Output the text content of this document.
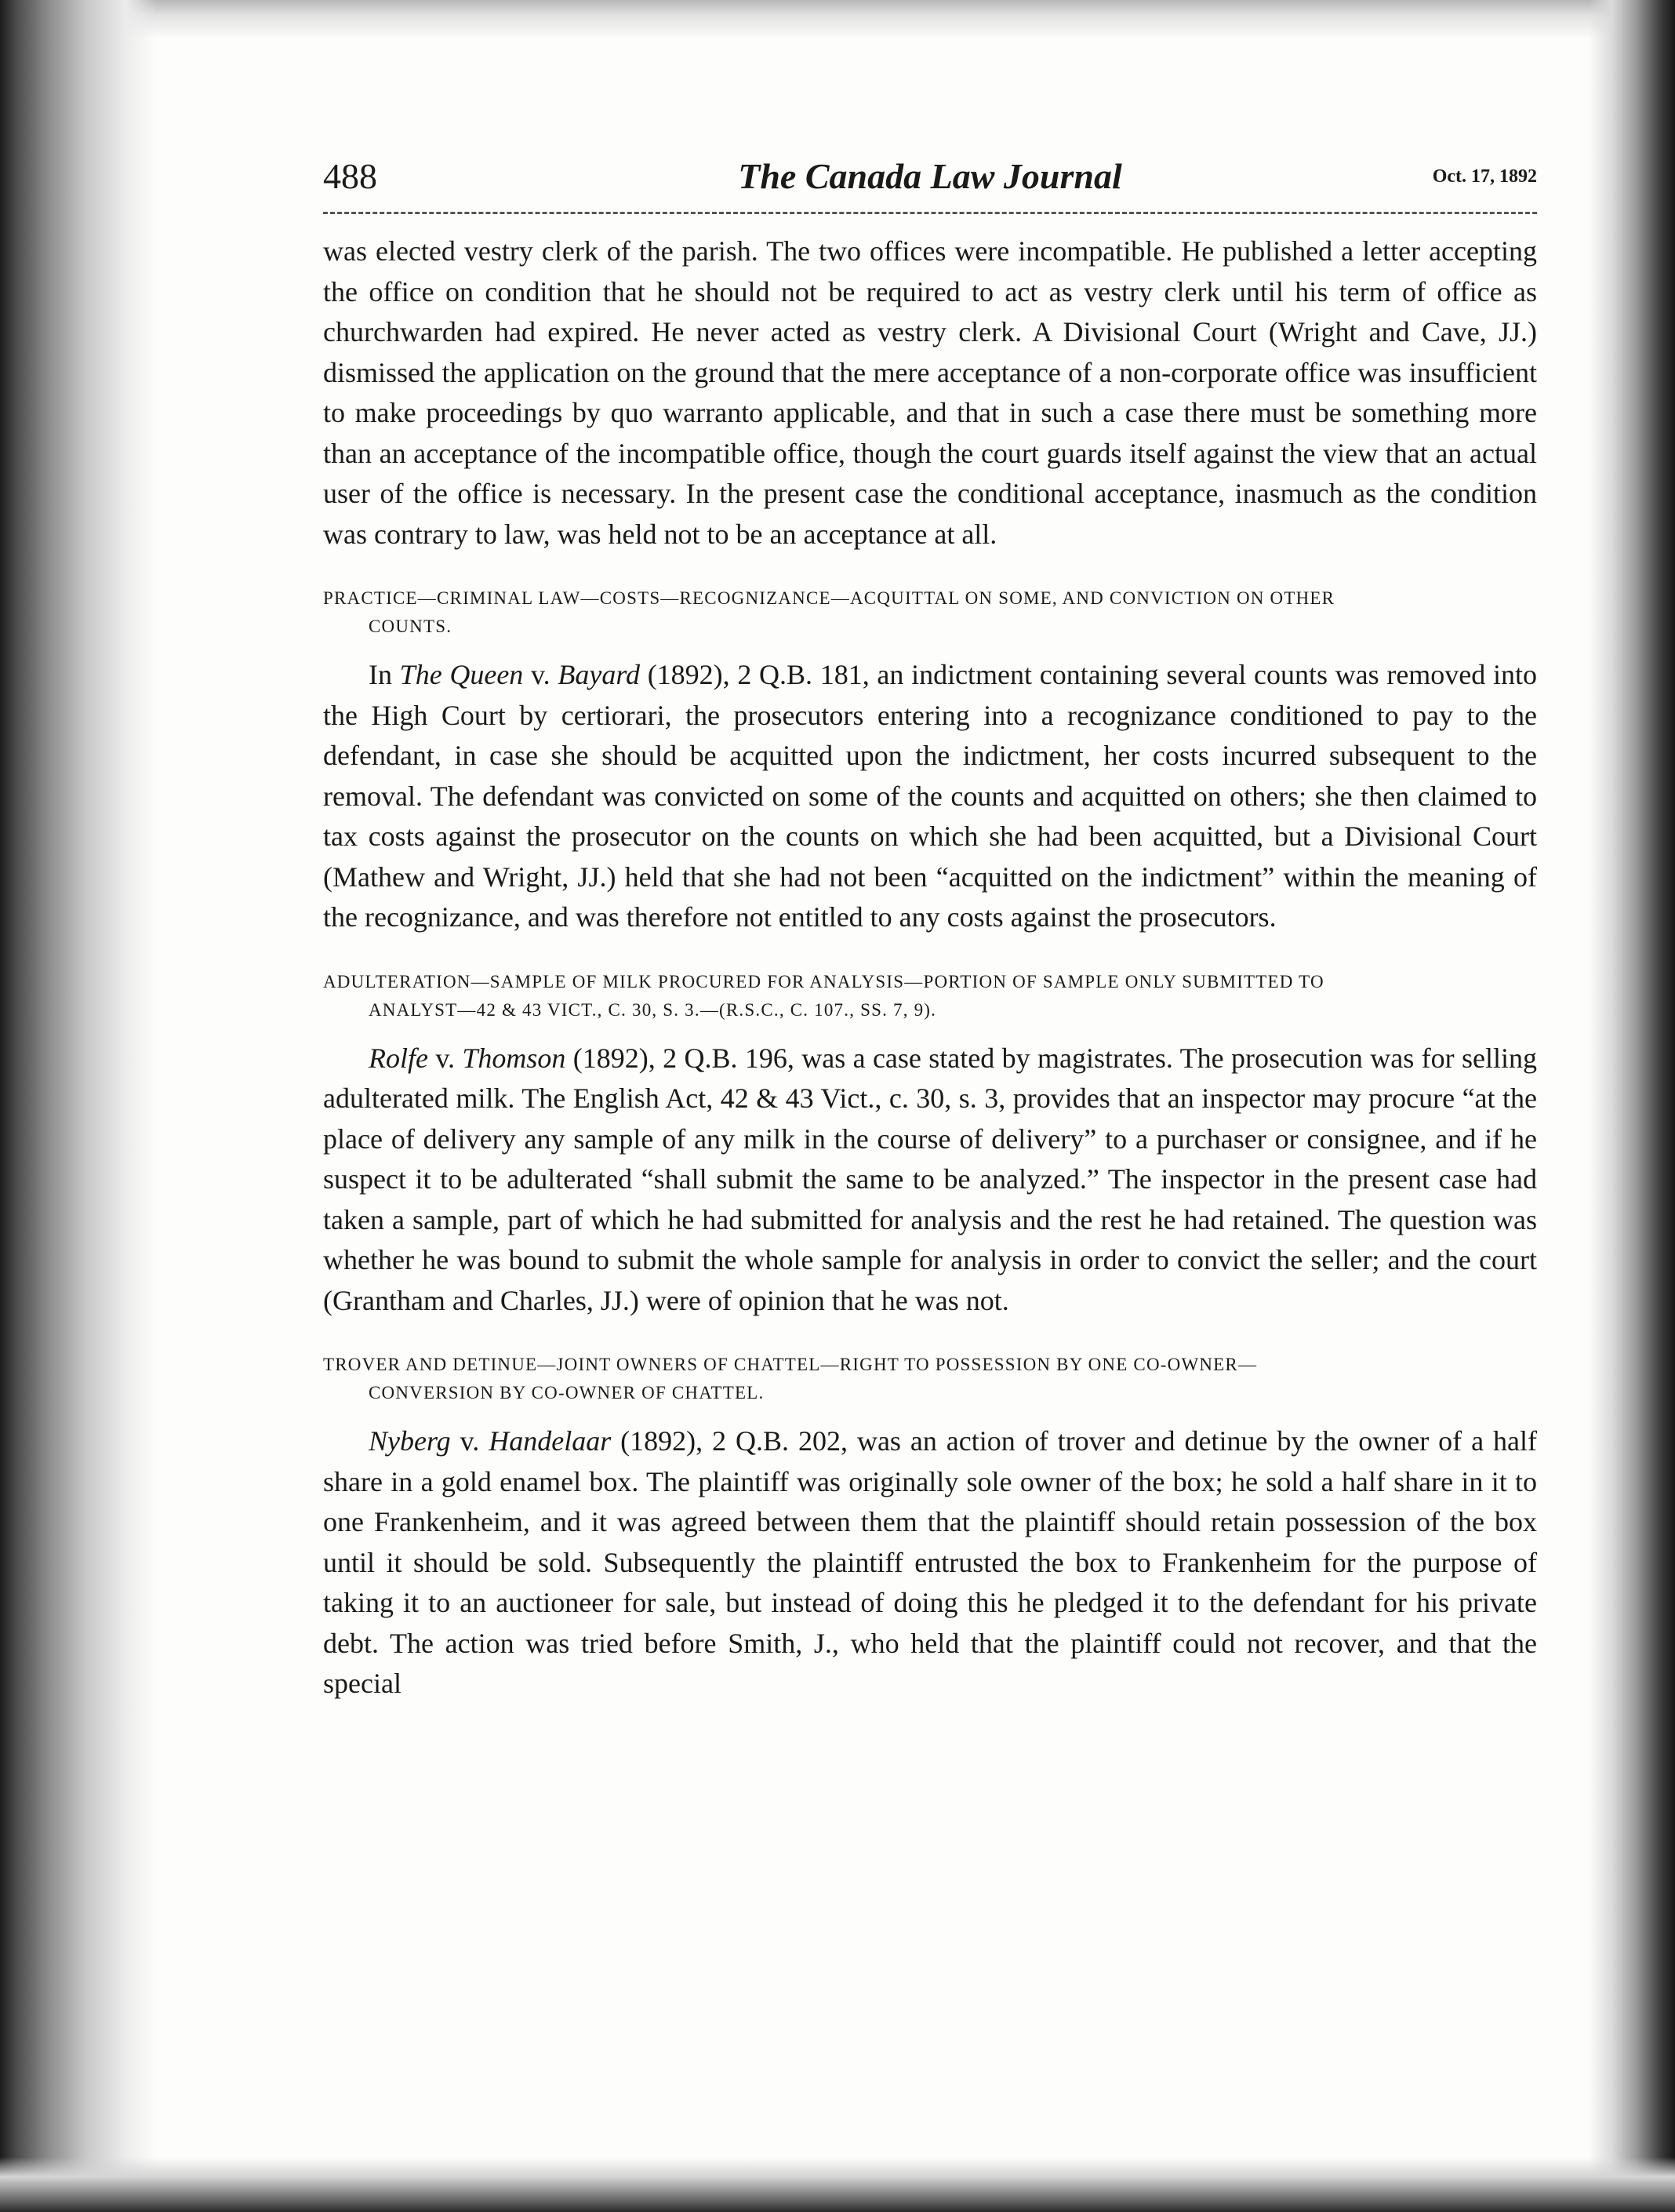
488	The Canada Law Journal	Oct. 17, 1892

was elected vestry clerk of the parish. The two offices were incompatible. He published a letter accepting the office on condition that he should not be required to act as vestry clerk until his term of office as churchwarden had expired. He never acted as vestry clerk. A Divisional Court (Wright and Cave, JJ.) dismissed the application on the ground that the mere acceptance of a non-corporate office was insufficient to make proceedings by quo warranto applicable, and that in such a case there must be something more than an acceptance of the incompatible office, though the court guards itself against the view that an actual user of the office is necessary. In the present case the conditional acceptance, inasmuch as the condition was contrary to law, was held not to be an acceptance at all.

PRACTICE—CRIMINAL LAW—COSTS—RECOGNIZANCE—ACQUITTAL ON SOME, AND CONVICTION ON OTHER
COUNTS.

In The Queen v. Bayard (1892), 2 Q.B. 181, an indictment containing several counts was removed into the High Court by certiorari, the prosecutors entering into a recognizance conditioned to pay to the defendant, in case she should be acquitted upon the indictment, her costs incurred subsequent to the removal. The defendant was convicted on some of the counts and acquitted on others; she then claimed to tax costs against the prosecutor on the counts on which she had been acquitted, but a Divisional Court (Mathew and Wright, JJ.) held that she had not been “acquitted on the indictment” within the meaning of the recognizance, and was therefore not entitled to any costs against the prosecutors.

ADULTERATION—SAMPLE OF MILK PROCURED FOR ANALYSIS—PORTION OF SAMPLE ONLY SUBMITTED TO
ANALYST—42 & 43 VICT., C. 30, S. 3.—(R.S.C., C. 107., SS. 7, 9).

Rolfe v. Thomson (1892), 2 Q.B. 196, was a case stated by magistrates. The prosecution was for selling adulterated milk. The English Act, 42 & 43 Vict., c. 30, s. 3, provides that an inspector may procure “at the place of delivery any sample of any milk in the course of delivery” to a purchaser or consignee, and if he suspect it to be adulterated “shall submit the same to be analyzed.” The inspector in the present case had taken a sample, part of which he had submitted for analysis and the rest he had retained. The question was whether he was bound to submit the whole sample for analysis in order to convict the seller; and the court (Grantham and Charles, JJ.) were of opinion that he was not.

TROVER AND DETINUE—JOINT OWNERS OF CHATTEL—RIGHT TO POSSESSION BY ONE CO-OWNER—
CONVERSION BY CO-OWNER OF CHATTEL.

Nyberg v. Handelaar (1892), 2 Q.B. 202, was an action of trover and detinue by the owner of a half share in a gold enamel box. The plaintiff was originally sole owner of the box; he sold a half share in it to one Frankenheim, and it was agreed between them that the plaintiff should retain possession of the box until it should be sold. Subsequently the plaintiff entrusted the box to Frankenheim for the purpose of taking it to an auctioneer for sale, but instead of doing this he pledged it to the defendant for his private debt. The action was tried before Smith, J., who held that the plaintiff could not recover, and that the special
